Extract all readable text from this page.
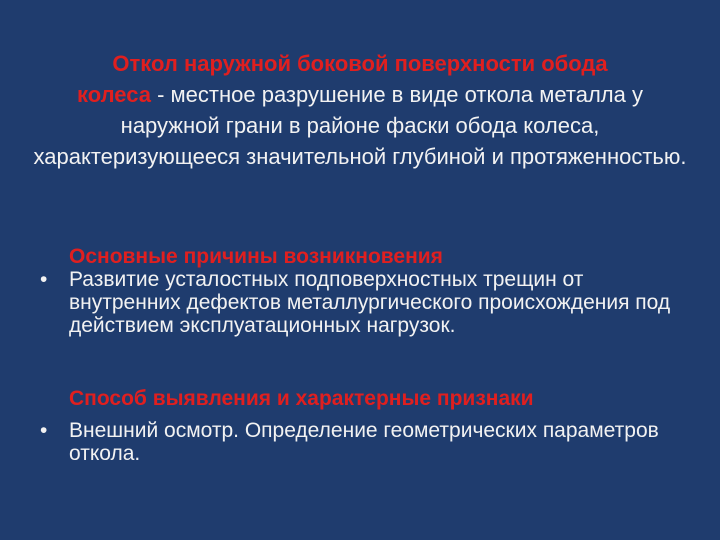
Откол наружной боковой поверхности обода
колеса - местное разрушение в виде откола металла у наружной грани в районе фаски обода колеса, характеризующееся значительной глубиной и протяженностью.
Основные причины возникновения
•	Развитие усталостных подповерхностных трещин от внутренних дефектов металлургического происхождения под действием эксплуатационных нагрузок.
Способ выявления и характерные признаки
•	Внешний осмотр. Определение геометрических параметров откола.
